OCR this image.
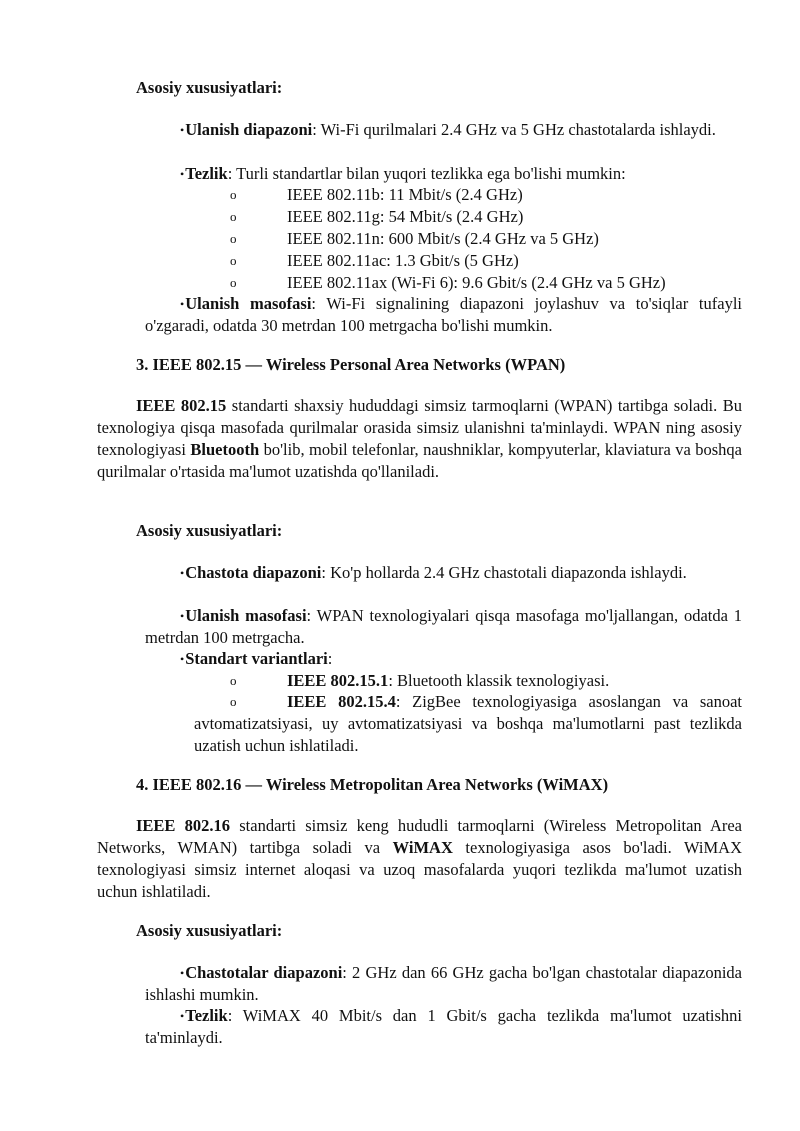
Asosiy xususiyatlari:

•Ulanish diapazoni: Wi-Fi qurilmalari 2.4 GHz va 5 GHz chastotalarda ishlaydi.

•Tezlik: Turli standartlar bilan yuqori tezlikka ega bo'lishi mumkin:

o	IEEE 802.11b: 11 Mbit/s (2.4 GHz)
o	IEEE 802.11g: 54 Mbit/s (2.4 GHz)
o	IEEE 802.11n: 600 Mbit/s (2.4 GHz va 5 GHz)
o	IEEE 802.11ac: 1.3 Gbit/s (5 GHz)
o	IEEE 802.11ax (Wi-Fi 6): 9.6 Gbit/s (2.4 GHz va 5 GHz)

•Ulanish masofasi: Wi-Fi signalining diapazoni joylashuv va to'siqlar tufayli o'zgaradi, odatda 30 metrdan 100 metrgacha bo'lishi mumkin.

3. IEEE 802.15 — Wireless Personal Area Networks (WPAN)

IEEE 802.15 standarti shaxsiy hududdagi simsiz tarmoqlarni (WPAN) tartibga soladi. Bu texnologiya qisqa masofada qurilmalar orasida simsiz ulanishni ta'minlaydi. WPAN ning asosiy texnologiyasi Bluetooth bo'lib, mobil telefonlar, naushniklar, kompyuterlar, klaviatura va boshqa qurilmalar o'rtasida ma'lumot uzatishda qo'llaniladi.

Asosiy xususiyatlari:

•Chastota diapazoni: Ko'p hollarda 2.4 GHz chastotali diapazonda ishlaydi.

•Ulanish masofasi: WPAN texnologiyalari qisqa masofaga mo'ljallangan, odatda 1 metrdan 100 metrgacha.

•Standart variantlari:

o	IEEE 802.15.1: Bluetooth klassik texnologiyasi.
o	IEEE 802.15.4: ZigBee texnologiyasiga asoslangan va sanoat avtomatizatsiyasi, uy avtomatizatsiyasi va boshqa ma'lumotlarni past tezlikda uzatish uchun ishlatiladi.

4. IEEE 802.16 — Wireless Metropolitan Area Networks (WiMAX)

IEEE 802.16 standarti simsiz keng hududli tarmoqlarni (Wireless Metropolitan Area Networks, WMAN) tartibga soladi va WiMAX texnologiyasiga asos bo'ladi. WiMAX texnologiyasi simsiz internet aloqasi va uzoq masofalarda yuqori tezlikda ma'lumot uzatish uchun ishlatiladi.

Asosiy xususiyatlari:

•Chastotalar diapazoni: 2 GHz dan 66 GHz gacha bo'lgan chastotalar diapazonida ishlashi mumkin.

•Tezlik: WiMAX 40 Mbit/s dan 1 Gbit/s gacha tezlikda ma'lumot uzatishni ta'minlaydi.
